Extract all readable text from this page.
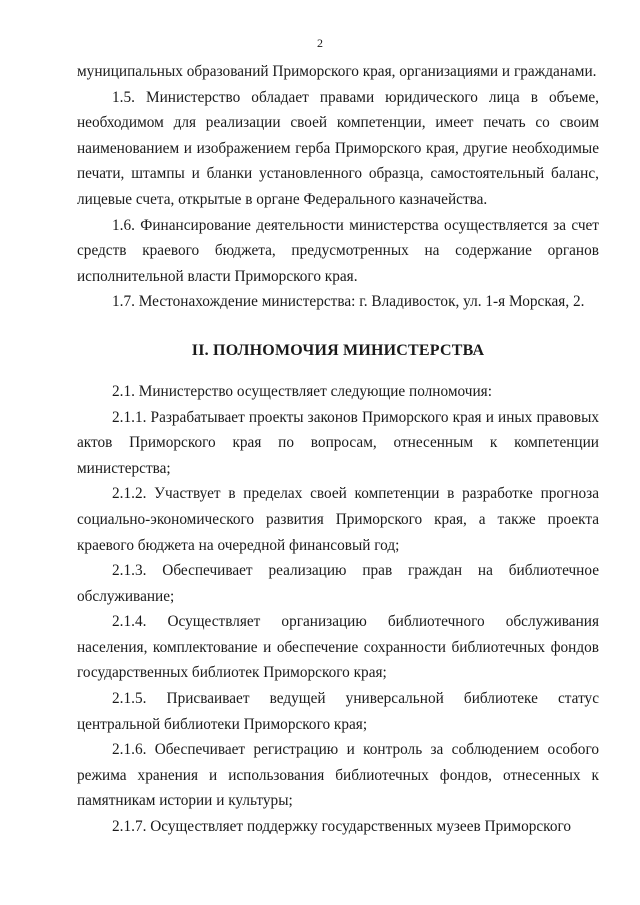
2

муниципальных образований Приморского края, организациями и гражданами.

1.5. Министерство обладает правами юридического лица в объеме, необходимом для реализации своей компетенции, имеет печать со своим наименованием и изображением герба Приморского края, другие необходимые печати, штампы и бланки установленного образца, самостоятельный баланс, лицевые счета, открытые в органе Федерального казначейства.

1.6. Финансирование деятельности министерства осуществляется за счет средств краевого бюджета, предусмотренных на содержание органов исполнительной власти Приморского края.

1.7. Местонахождение министерства: г. Владивосток, ул. 1-я Морская, 2.

II. ПОЛНОМОЧИЯ МИНИСТЕРСТВА

2.1. Министерство осуществляет следующие полномочия:

2.1.1. Разрабатывает проекты законов Приморского края и иных правовых актов Приморского края по вопросам, отнесенным к компетенции министерства;

2.1.2. Участвует в пределах своей компетенции в разработке прогноза социально-экономического развития Приморского края, а также проекта краевого бюджета на очередной финансовый год;

2.1.3. Обеспечивает реализацию прав граждан на библиотечное обслуживание;

2.1.4. Осуществляет организацию библиотечного обслуживания населения, комплектование и обеспечение сохранности библиотечных фондов государственных библиотек Приморского края;

2.1.5. Присваивает ведущей универсальной библиотеке статус центральной библиотеки Приморского края;

2.1.6. Обеспечивает регистрацию и контроль за соблюдением особого режима хранения и использования библиотечных фондов, отнесенных к памятникам истории и культуры;

2.1.7. Осуществляет поддержку государственных музеев Приморского
